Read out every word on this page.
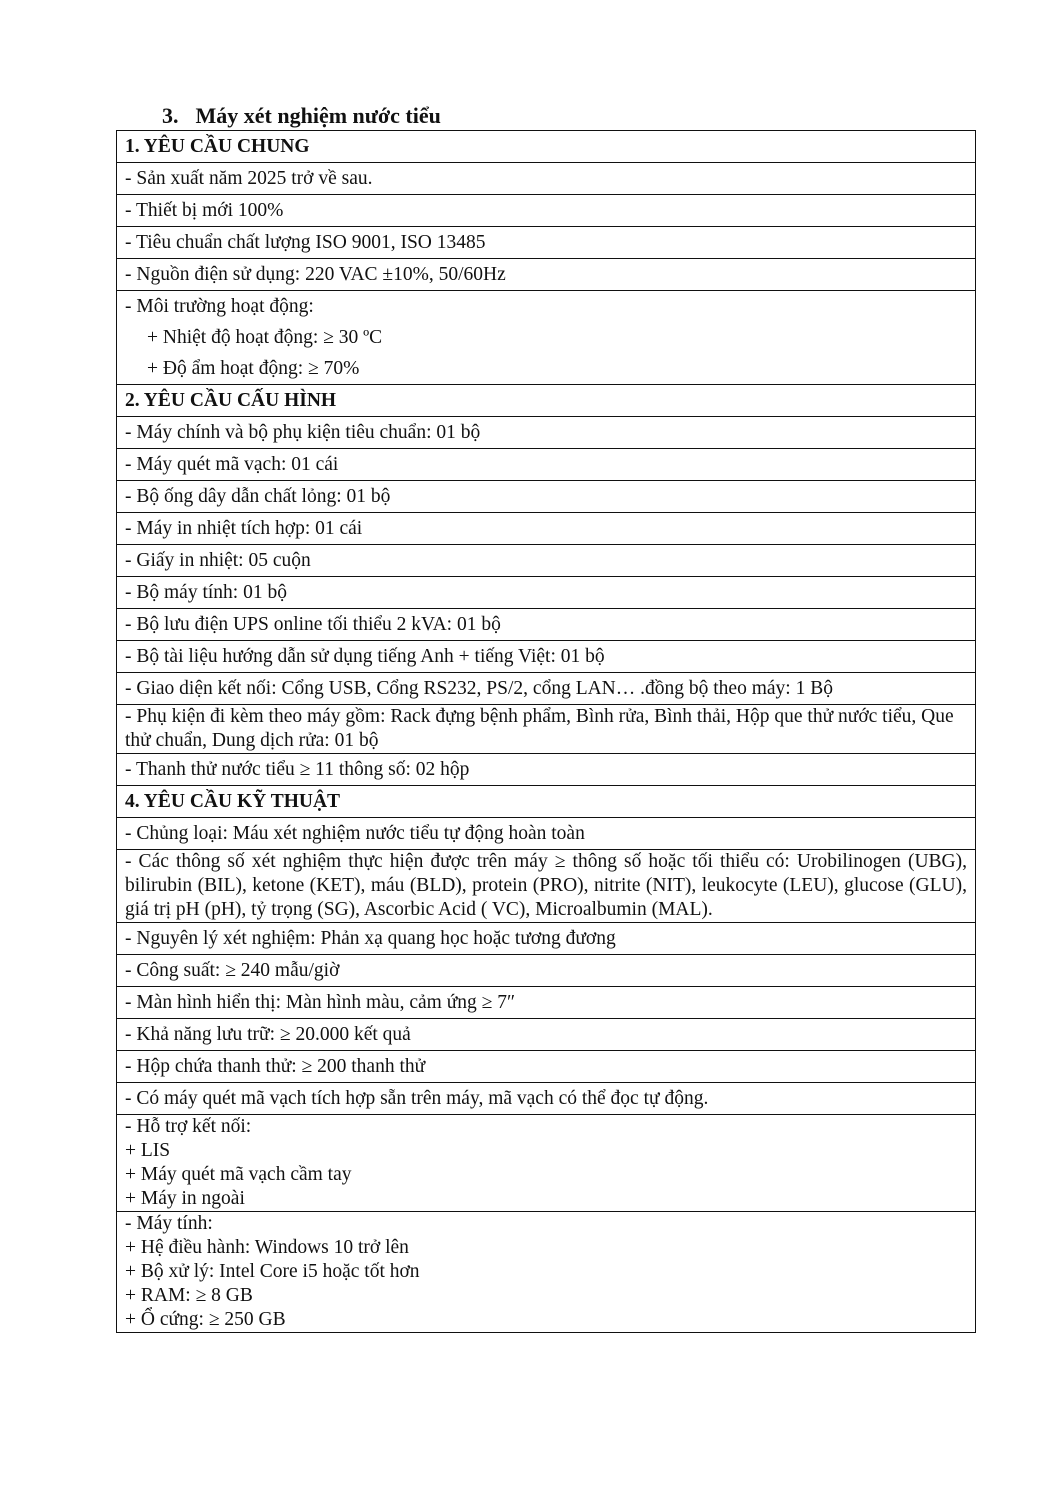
3. Máy xét nghiệm nước tiểu
1. YÊU CẦU CHUNG
- Sản xuất năm 2025 trở về sau.
- Thiết bị mới 100%
- Tiêu chuẩn chất lượng ISO 9001, ISO 13485
- Nguồn điện sử dụng: 220 VAC ±10%, 50/60Hz
- Môi trường hoạt động:
+ Nhiệt độ hoạt động: ≥ 30 ºC
+ Độ ẩm hoạt động: ≥ 70%
2. YÊU CẦU CẤU HÌNH
- Máy chính và bộ phụ kiện tiêu chuẩn: 01 bộ
- Máy quét mã vạch: 01 cái
- Bộ ống dây dẫn chất lỏng: 01 bộ
- Máy in nhiệt tích hợp: 01 cái
- Giấy in nhiệt: 05 cuộn
- Bộ máy tính: 01 bộ
- Bộ lưu điện UPS online tối thiểu 2 kVA: 01 bộ
- Bộ tài liệu hướng dẫn sử dụng tiếng Anh + tiếng Việt: 01 bộ
- Giao diện kết nối: Cổng USB, Cổng RS232, PS/2, cổng LAN… .đồng bộ theo máy: 1 Bộ
- Phụ kiện đi kèm theo máy gồm: Rack đựng bệnh phẩm, Bình rửa, Bình thải, Hộp que thử nước tiểu, Que thử chuẩn, Dung dịch rửa: 01 bộ
- Thanh thử nước tiểu ≥ 11 thông số: 02 hộp
4. YÊU CẦU KỸ THUẬT
- Chủng loại: Máu xét nghiệm nước tiểu tự động hoàn toàn
- Các thông số xét nghiệm thực hiện được trên máy ≥ thông số hoặc tối thiểu có: Urobilinogen (UBG), bilirubin (BIL), ketone (KET), máu (BLD), protein (PRO), nitrite (NIT), leukocyte (LEU), glucose (GLU), giá trị pH (pH), tỷ trọng (SG), Ascorbic Acid ( VC), Microalbumin (MAL).
- Nguyên lý xét nghiệm: Phản xạ quang học hoặc tương đương
- Công suất: ≥ 240 mẫu/giờ
- Màn hình hiển thị: Màn hình màu, cảm ứng ≥ 7″
- Khả năng lưu trữ: ≥ 20.000 kết quả
- Hộp chứa thanh thử: ≥ 200 thanh thử
- Có máy quét mã vạch tích hợp sẵn trên máy, mã vạch có thể đọc tự động.

- Hỗ trợ kết nối:
+ LIS
+ Máy quét mã vạch cầm tay
+ Máy in ngoài

- Máy tính:
+ Hệ điều hành: Windows 10 trở lên
+ Bộ xử lý: Intel Core i5 hoặc tốt hơn
+ RAM: ≥ 8 GB
+ Ổ cứng: ≥ 250 GB
